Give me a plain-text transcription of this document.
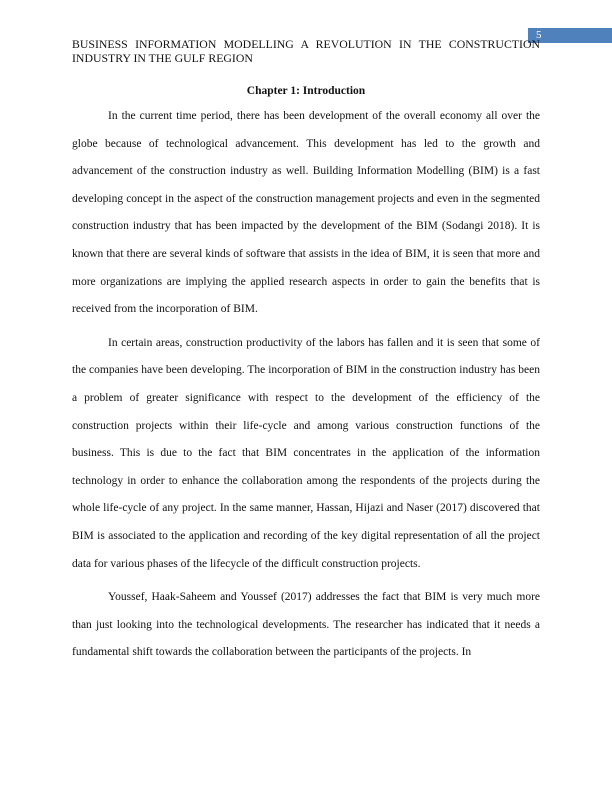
5
BUSINESS INFORMATION MODELLING A REVOLUTION IN THE CONSTRUCTION
INDUSTRY IN THE GULF REGION
Chapter 1: Introduction

In the current time period, there has been development of the overall economy all over the globe because of technological advancement. This development has led to the growth and advancement of the construction industry as well. Building Information Modelling (BIM) is a fast developing concept in the aspect of the construction management projects and even in the segmented construction industry that has been impacted by the development of the BIM (Sodangi 2018). It is known that there are several kinds of software that assists in the idea of BIM, it is seen that more and more organizations are implying the applied research aspects in order to gain the benefits that is received from the incorporation of BIM.

In certain areas, construction productivity of the labors has fallen and it is seen that some of the companies have been developing. The incorporation of BIM in the construction industry has been a problem of greater significance with respect to the development of the efficiency of the construction projects within their life-cycle and among various construction functions of the business. This is due to the fact that BIM concentrates in the application of the information technology in order to enhance the collaboration among the respondents of the projects during the whole life-cycle of any project. In the same manner, Hassan, Hijazi and Naser (2017) discovered that BIM is associated to the application and recording of the key digital representation of all the project data for various phases of the lifecycle of the difficult construction projects.

Youssef, Haak-Saheem and Youssef (2017) addresses the fact that BIM is very much more than just looking into the technological developments. The researcher has indicated that it needs a fundamental shift towards the collaboration between the participants of the projects. In
